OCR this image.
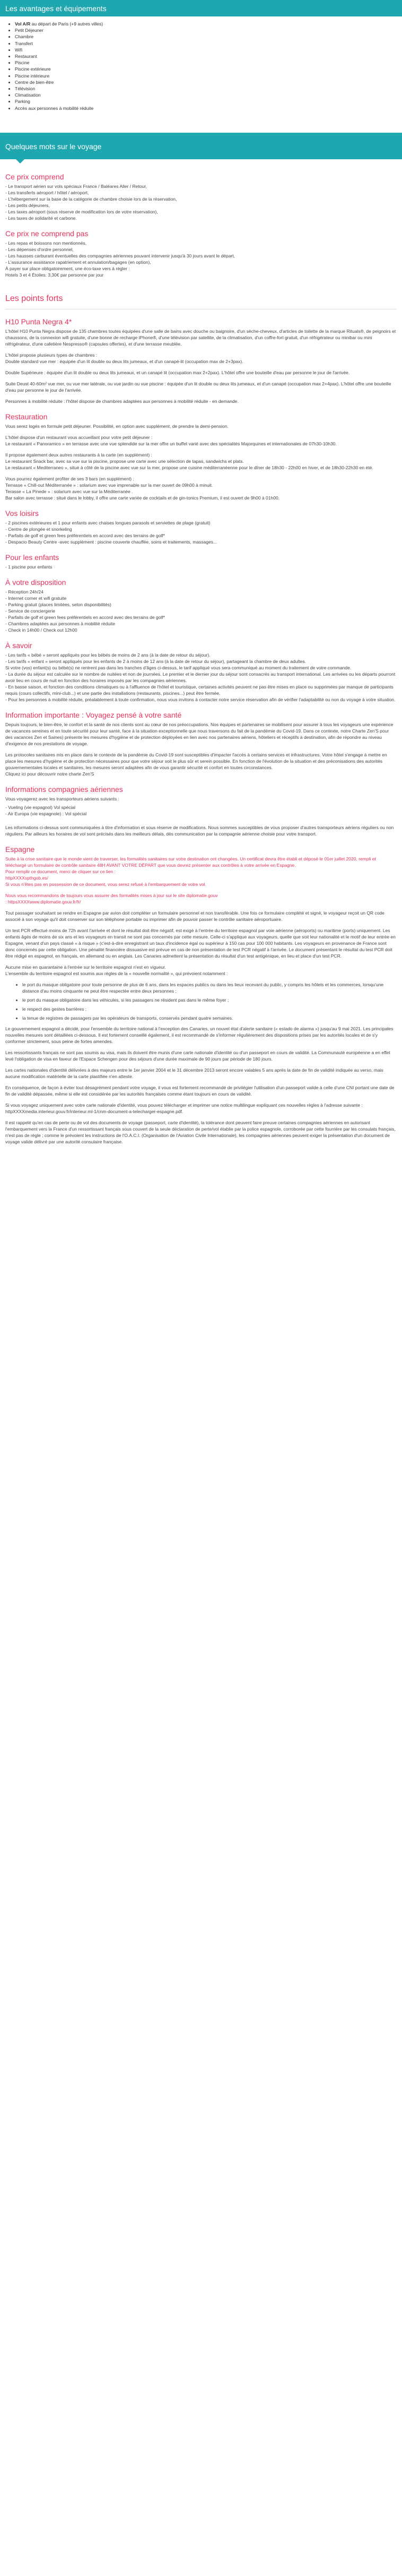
Les avantages et équipements
• Vol A/R au départ de Paris (+9 autres villes)
• Petit Déjeuner
• Chambre
• Transfert
• Wifi
• Restaurant
• Piscine
• Piscine extérieure
• Piscine intérieure
• Centre de bien-être
• Télévision
• Climatisation
• Parking
• Accès aux personnes à mobilité réduite
Quelques mots sur le voyage
Ce prix comprend

- Le transport aérien sur vols spéciaux France / Baléares Aller / Retour,

- Les transferts aéroport / hôtel / aéroport,

- L'hébergement sur la base de la catégorie de chambre choisie lors de la réservation,

- Les petits déjeuners,

- Les taxes aéroport (sous réserve de modification lors de votre réservation),

- Les taxes de solidarité et carbone.

Ce prix ne comprend pas

- Les repas et boissons non mentionnés,

- Les dépenses d'ordre personnel,

- Les hausses carburant éventuelles des compagnies aériennes pouvant intervenir jusqu'à 30 jours avant le départ,

- L'assurance assistance rapatriement et annulation/bagages (en option),

À payer sur place obligatoirement, une éco-taxe vers à régler :

Hotels 3 et 4 Étoiles: 3,30€ par personne par jour

Les points forts
H10 Punta Negra 4*

L'hôtel H10 Punta Negra dispose de 135 chambres toutes équipées d'une salle de bains avec douche ou baignoire, d'un sèche-cheveux, d'articles de toilette de la marque Rituals®, de peignoirs et chaussons, de la connexion wifi gratuite, d'une bonne de recharge iPhone®, d'une télévision par satellite, de la climatisation, d'un coffre-fort gratuit, d'un réfrigérateur ou minibar ou mini réfrigérateur, d'une cafetière Nespresso® (capsules offertes), et d'une terrasse meublée.

L'hôtel propose plusieurs types de chambres :
Double standard vue mer : équipée d'un lit double ou deux lits jumeaux, et d'un canapé-lit (occupation max de 2+3pax).

Double Supérieure : équipée d'un lit double ou deux lits jumeaux, et un canapé lit (occupation max 2+2pax). L'hôtel offre une bouteille d'eau par personne le jour de l'arrivée.

Suite Deust 40-60m² vue mer, ou vue mer latérale, ou vue jardin ou vue piscine : équipée d'un lit double ou deux lits jumeaux, et d'un canapé (occupation max 2+4pax). L'hôtel offre une bouteille d'eau par personne le jour de l'arrivée.

Personnes à mobilité réduite : l'hôtel dispose de chambres adaptées aux personnes à mobilité réduite - en demande.

Restauration

Vous serez logés en formule petit déjeuner. Possibilité, en option avec supplément, de prendre la demi-pension.

L'hôtel dispose d'un restaurant vous accueillant pour votre petit déjeuner :
Le restaurant « Panoramico » en terrasse avec une vue splendide sur la mer offre un buffet varié avec des spécialités Majorquines et internationales de 07h30-10h30.

Il propose également deux autres restaurants à la carte (en supplément) :
Le restaurant Snack bar, avec sa vue sur la piscine, propose une carte avec une sélection de tapas, sandwichs et plats.
Le restaurant « Mediterraneo », situé à côté de la piscine avec vue sur la mer, propose une cuisine méditerranéenne pour le dîner de 18h30 - 22h00 en hiver, et de 18h30-22h30 en été.

Vous pourrez également profiter de ses 3 bars (en supplément) :
Terrasse « Chill-out Méditerranée » : solarium avec vue imprenable sur la mer ouvert de 09h00 à minuit.
Terasse « La Pinede » : solarium avec vue sur la Méditerranée .
Bar salon avec terrasse : situé dans le lobby, il offre une carte variée de cocktails et de gin-tonics Premium, il est ouvert de 9h00 à 01h00.

Vos loisirs

- 2 piscines extérieures et 1 pour enfants avec chaises longues parasols et serviettes de plage (gratuit)

- Centre de plongée et snorkeling

- Parfaits de golf et green fees préférentiels en accord avec des terrains de golf*

- Despacio Beauty Centre -avec supplément : piscine couverte chauffée, soins et traitements, massages...

Pour les enfants

- 1 piscine pour enfants

À votre disposition

- Réception 24h/24

- Internet corner et wifi gratuite

- Parking gratuit (places limitées, selon disponibilités)

- Service de conciergerie

- Parfaits de golf et green fees préférentiels en accord avec des terrains de golf*

- Chambres adaptées aux personnes à mobilité réduite

- Check in 14h00 / Check out 12h00

À savoir

- Les tarifs « bébé » seront appliqués pour les bébés de moins de 2 ans (à la date de retour du séjour).
- Les tarifs « enfant » seront appliqués pour les enfants de 2 à moins de 12 ans (à la date de retour du séjour), partageant la chambre de deux adultes.
Si votre (vos) enfant(s) ou bébé(s) ne rentrent pas dans les tranches d'âges ci-dessus, le tarif appliqué vous sera communiqué au moment du traitement de votre commande.
- La durée du séjour est calculée sur le nombre de nuitées et non de journées. Le premier et le dernier jour du séjour sont consacrés au transport international. Les arrivées ou les départs pourront avoir lieu en cours de nuit en fonction des horaires imposés par les compagnies aériennes.
- En basse saison, et fonction des conditions climatiques ou à l'affluence de l'hôtel et touristique, certaines activités peuvent ne pas être mises en place ou supprimées par manque de participants requis (cours collectifs, mini-club...) et une partie des installations (restaurants, piscines...) peut être fermée.
- Pour les personnes à mobilité réduite, préalablement à toute confirmation, nous vous invitons à contacter notre service réservation afin de vérifier l'adaptabilité ou non du voyage à votre situation.

Information importante : Voyagez pensé à votre santé

Depuis toujours, le bien-être, le confort et la santé de nos clients sont au cœur de nos préoccupations. Nos équipes et partenaires se mobilisent pour assurer à tous les voyageurs une expérience de vacances sereines et en toute sécurité pour leur santé, face à la situation exceptionnelle que nous traversons du fait de la pandémie du Covid-19. Dans ce contexte, notre Charte Zen'S pour des vacances Zen et Saines) présente les mesures d'hygiène et de protection déployées en lien avec nos partenaires aériens, hôteliers et réceptifs à destination, afin de répondre au niveau d'exigence de nos prestations de voyage.

Les protocoles sanitaires mis en place dans le contexte de la pandémie du Covid-19 sont susceptibles d'impacter l'accès à certains services et infrastructures. Votre hôtel s'engage à mettre en place les mesures d'hygiène et de protection nécessaires pour que votre séjour soit le plus sûr et serein possible. En fonction de l'évolution de la situation et des préconisations des autorités gouvernementales locales et sanitaires, les mesures seront adaptées afin de vous garantir sécurité et confort en toutes circonstances.
Cliquez ici pour découvrir notre charte Zen'S

Informations compagnies aériennes

Vous voyagerez avec les transporteurs aériens suivants :

- Vueling (vie espagnol) Vol spécial

- Air Europa (vie espagnole) : Vol spécial

Les informations ci-dessus sont communiquées à titre d'information et sous réserve de modifications. Nous sommes susceptibles de vous proposer d'autres transporteurs aériens réguliers ou non réguliers. Par ailleurs les horaires de vol sont précisés dans les meilleurs délais, dès communication par la compagnie aérienne choisie pour votre transport.

Espagne

Suite à la crise sanitaire que le monde vient de traverser, les formalités sanitaires sur votre destination ont changées. Un certificat devra être établi et déposé le 01er juillet 2020, rempli et téléchargé un formulaire de contrôle sanitaire 48H AVANT VOTRE DÉPART que vous devrez présenter aux contrôles à votre arrivée en Espagne.
Pour remplir ce document, merci de cliquer sur ce lien :
httpXXXXspthgob.es/
Si vous n'êtes pas en possession de ce document, vous serez refusé à l'embarquement de votre vol.

Nous vous recommandons de toujours vous assurer des formalités mises à jour sur le site diplomatie.gouv
: httpsXXXXwww.diplomatie.gouv.fr/fr/

Tout passager souhaitant se rendre en Espagne par avion doit compléter un formulaire personnel et non transférable. Une fois ce formulaire complété et signé, le voyageur reçoit un QR code associé à son voyage qu'il doit conserver sur son téléphone portable ou imprimer afin de pouvoir passer le contrôle sanitaire aéroportuaire.

Un test PCR effectué moins de 72h avant l'arrivée et dont le résultat doit être négatif, est exigé à l'entrée du territoire espagnol par voie aérienne (aéroports) ou maritime (ports) uniquement. Les enfants âgés de moins de six ans et les voyageurs en transit ne sont pas concernés par cette mesure. Celle-ci s'applique aux voyageurs, quelle que soit leur nationalité et le motif de leur entrée en Espagne, venant d'un pays classé « à risque » (c'est-à-dire enregistrant un taux d'incidence égal ou supérieur à 150 cas pour 100 000 habitants. Les voyageurs en provenance de France sont donc concernés par cette obligation. Une pénalité financière dissuasive est prévue en cas de non présentation de test PCR négatif à l'arrivée. Le document présentant le résultat du test PCR doit être rédigé en espagnol, en français, en allemand ou en anglais. Les Canaries admettent la présentation du résultat d'un test antigénique, en lieu et place d'un test PCR.

Aucune mise en quarantaine à l'entrée sur le territoire espagnol n'est en vigueur.
L'ensemble du territoire espagnol est soumis aux règles de la « nouvelle normalité », qui prévoient notamment :

• le port du masque obligatoire pour toute personne de plus de 6 ans, dans les espaces publics ou dans les lieux recevant du public, y compris les hôtels et les commerces, lorsqu'une distance d'au moins cinquante ne peut être respectée entre deux personnes ;
• le port du masque obligatoire dans les véhicules, si les passagers ne résident pas dans le même foyer ;
• le respect des gestes barrières ;
• la tenue de registres de passagers par les opérateurs de transports, conservés pendant quatre semaines.

Le gouvernement espagnol a décidé, pour l'ensemble du territoire national à l'exception des Canaries, un nouvel état d'alerte sanitaire (« estado de alarma ») jusqu'au 9 mai 2021. Les principales nouvelles mesures sont détaillées ci-dessous. Il est fortement conseillé également, il est recommandé de s'informer régulièrement des dispositions prises par les autorités locales et de s'y conformer strictement, sous peine de fortes amendes.

Les ressortissants français ne sont pas soumis au visa, mais ils doivent être munis d'une carte nationale d'identité ou d'un passeport en cours de validité. La Communauté européenne a en effet levé l'obligation de visa en faveur de l'Espace Schengen pour des séjours d'une durée maximale de 90 jours par période de 180 jours.

Les cartes nationales d'identité délivrées à des majeurs entre le 1er janvier 2004 et le 31 décembre 2013 seront encore valables 5 ans après la date de fin de validité indiquée au verso, mais aucune modification matérielle de la carte plastifiée n'en atteste.

En conséquence, de façon à éviter tout désagrément pendant votre voyage, il vous est fortement recommandé de privilégier l'utilisation d'un passeport valide à celle d'une CNI portant une date de fin de validité dépassée, même si elle est considérée par les autorités françaises comme étant toujours en cours de validité.

Si vous voyagez uniquement avec votre carte nationale d'identité, vous pouvez télécharger et imprimer une notice multilingue expliquant ces nouvelles règles à l'adresse suivante : httpXXXXmedia.interieur.gouv.fr/interieur.ml-1/cnm-document-a-telecharger-espagne.pdf.

Il est rappelé qu'en cas de perte ou de vol des documents de voyage (passeport, carte d'identité), la tolérance dont peuvent faire preuve certaines compagnies aériennes en autorisant l'embarquement vers la France d'un ressortissant français sous couvert de la seule déclaration de perte/vol établie par la police espagnole, corroborée par cette fourrière par les consulats français, n'est pas de règle ; comme le prévoient les instructions de l'O.A.C.I. (Organisation de l'Aviation Civile Internationale), les compagnies aériennes peuvent exiger la présentation d'un document de voyage valide délivré par une autorité consulaire française.
